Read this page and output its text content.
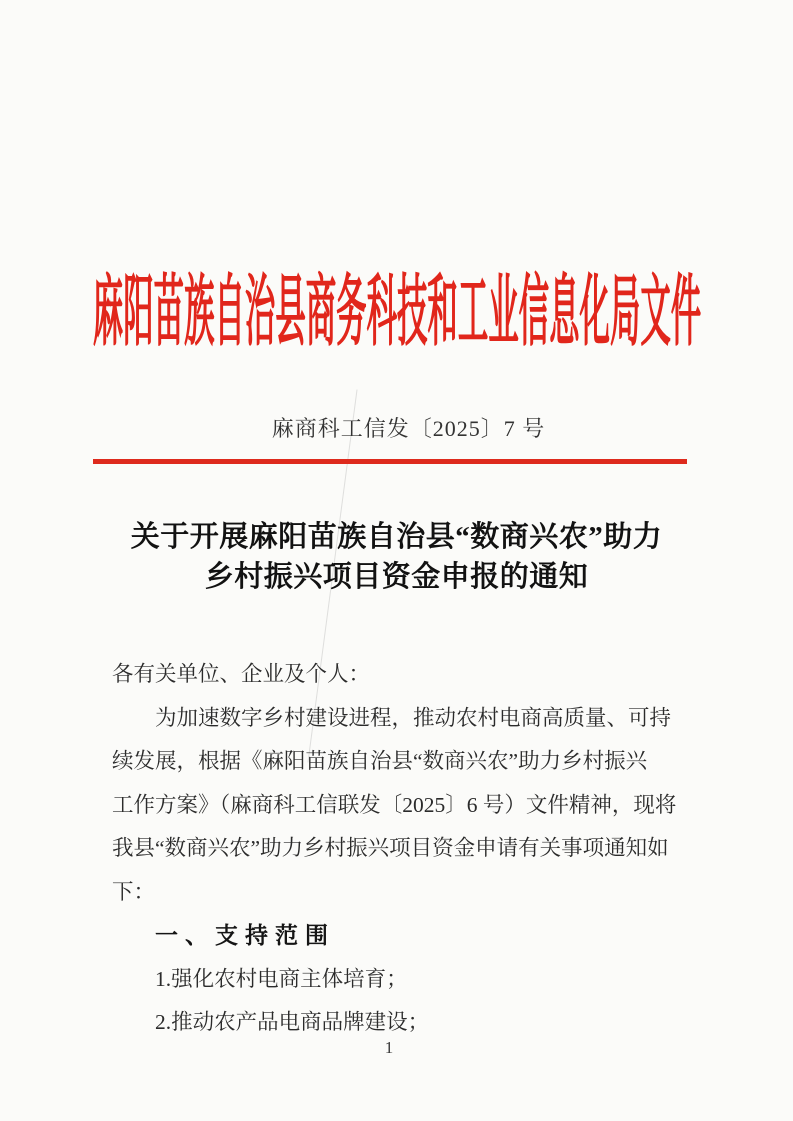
麻阳苗族自治县商务科技和工业信息化局文件
麻商科工信发〔2025〕7 号
关于开展麻阳苗族自治县“数商兴农”助力
乡村振兴项目资金申报的通知
各有关单位、企业及个人：
为加速数字乡村建设进程，推动农村电商高质量、可持
续发展，根据《麻阳苗族自治县“数商兴农”助力乡村振兴
工作方案》（麻商科工信联发〔2025〕6 号）文件精神，现将
我县“数商兴农”助力乡村振兴项目资金申请有关事项通知如
下：
一、支持范围
1.强化农村电商主体培育；
2.推动农产品电商品牌建设；
1
